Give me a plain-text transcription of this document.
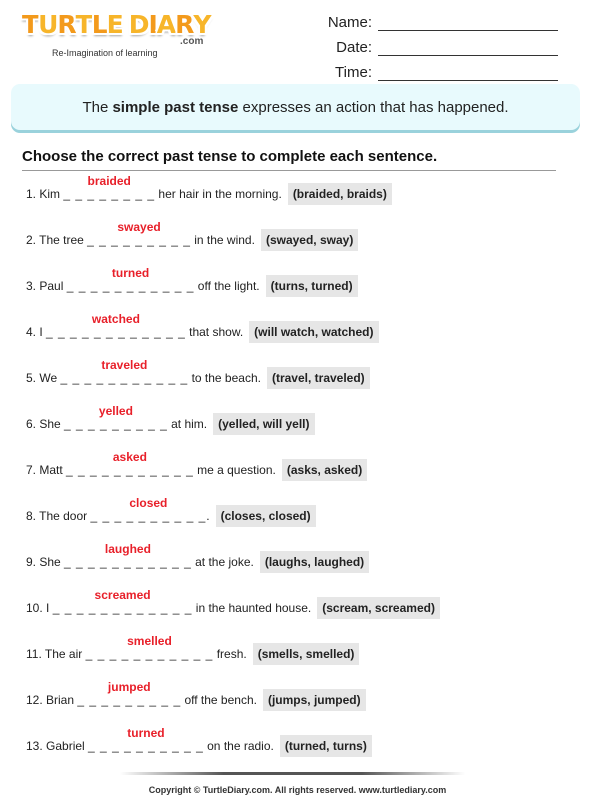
T U R T L E D I A R Y
.com
Re-Imagination of learning
Name:
Date:
Time:
The simple past tense expresses an action that has happened.
Choose the correct past tense to complete each sentence.
1. Kim _ _ _ _ _ _ _ _
braided
her hair in the morning. (braided, braids)
2. The tree _ _ _ _ _ _ _ _ _
swayed
in the wind. (swayed, sway)
3. Paul _ _ _ _ _ _ _ _ _ _ _
turned
off the light. (turns, turned)
4. I _ _ _ _ _ _ _ _ _ _ _ _
watched
that show. (will watch, watched)
5. We _ _ _ _ _ _ _ _ _ _ _
traveled
to the beach. (travel, traveled)
6. She _ _ _ _ _ _ _ _ _
yelled
at him. (yelled, will yell)
7. Matt _ _ _ _ _ _ _ _ _ _ _
asked
me a question. (asks, asked)
8. The door _ _ _ _ _ _ _ _ _ _
closed
. (closes, closed)
9. She _ _ _ _ _ _ _ _ _ _ _
laughed
at the joke. (laughs, laughed)
10. I _ _ _ _ _ _ _ _ _ _ _ _
screamed
in the haunted house. (scream, screamed)
11. The air _ _ _ _ _ _ _ _ _ _ _
smelled
fresh. (smells, smelled)
12. Brian _ _ _ _ _ _ _ _ _
jumped
off the bench. (jumps, jumped)
13. Gabriel _ _ _ _ _ _ _ _ _ _
turned
on the radio. (turned, turns)
Copyright © TurtleDiary.com. All rights reserved. www.turtlediary.com
